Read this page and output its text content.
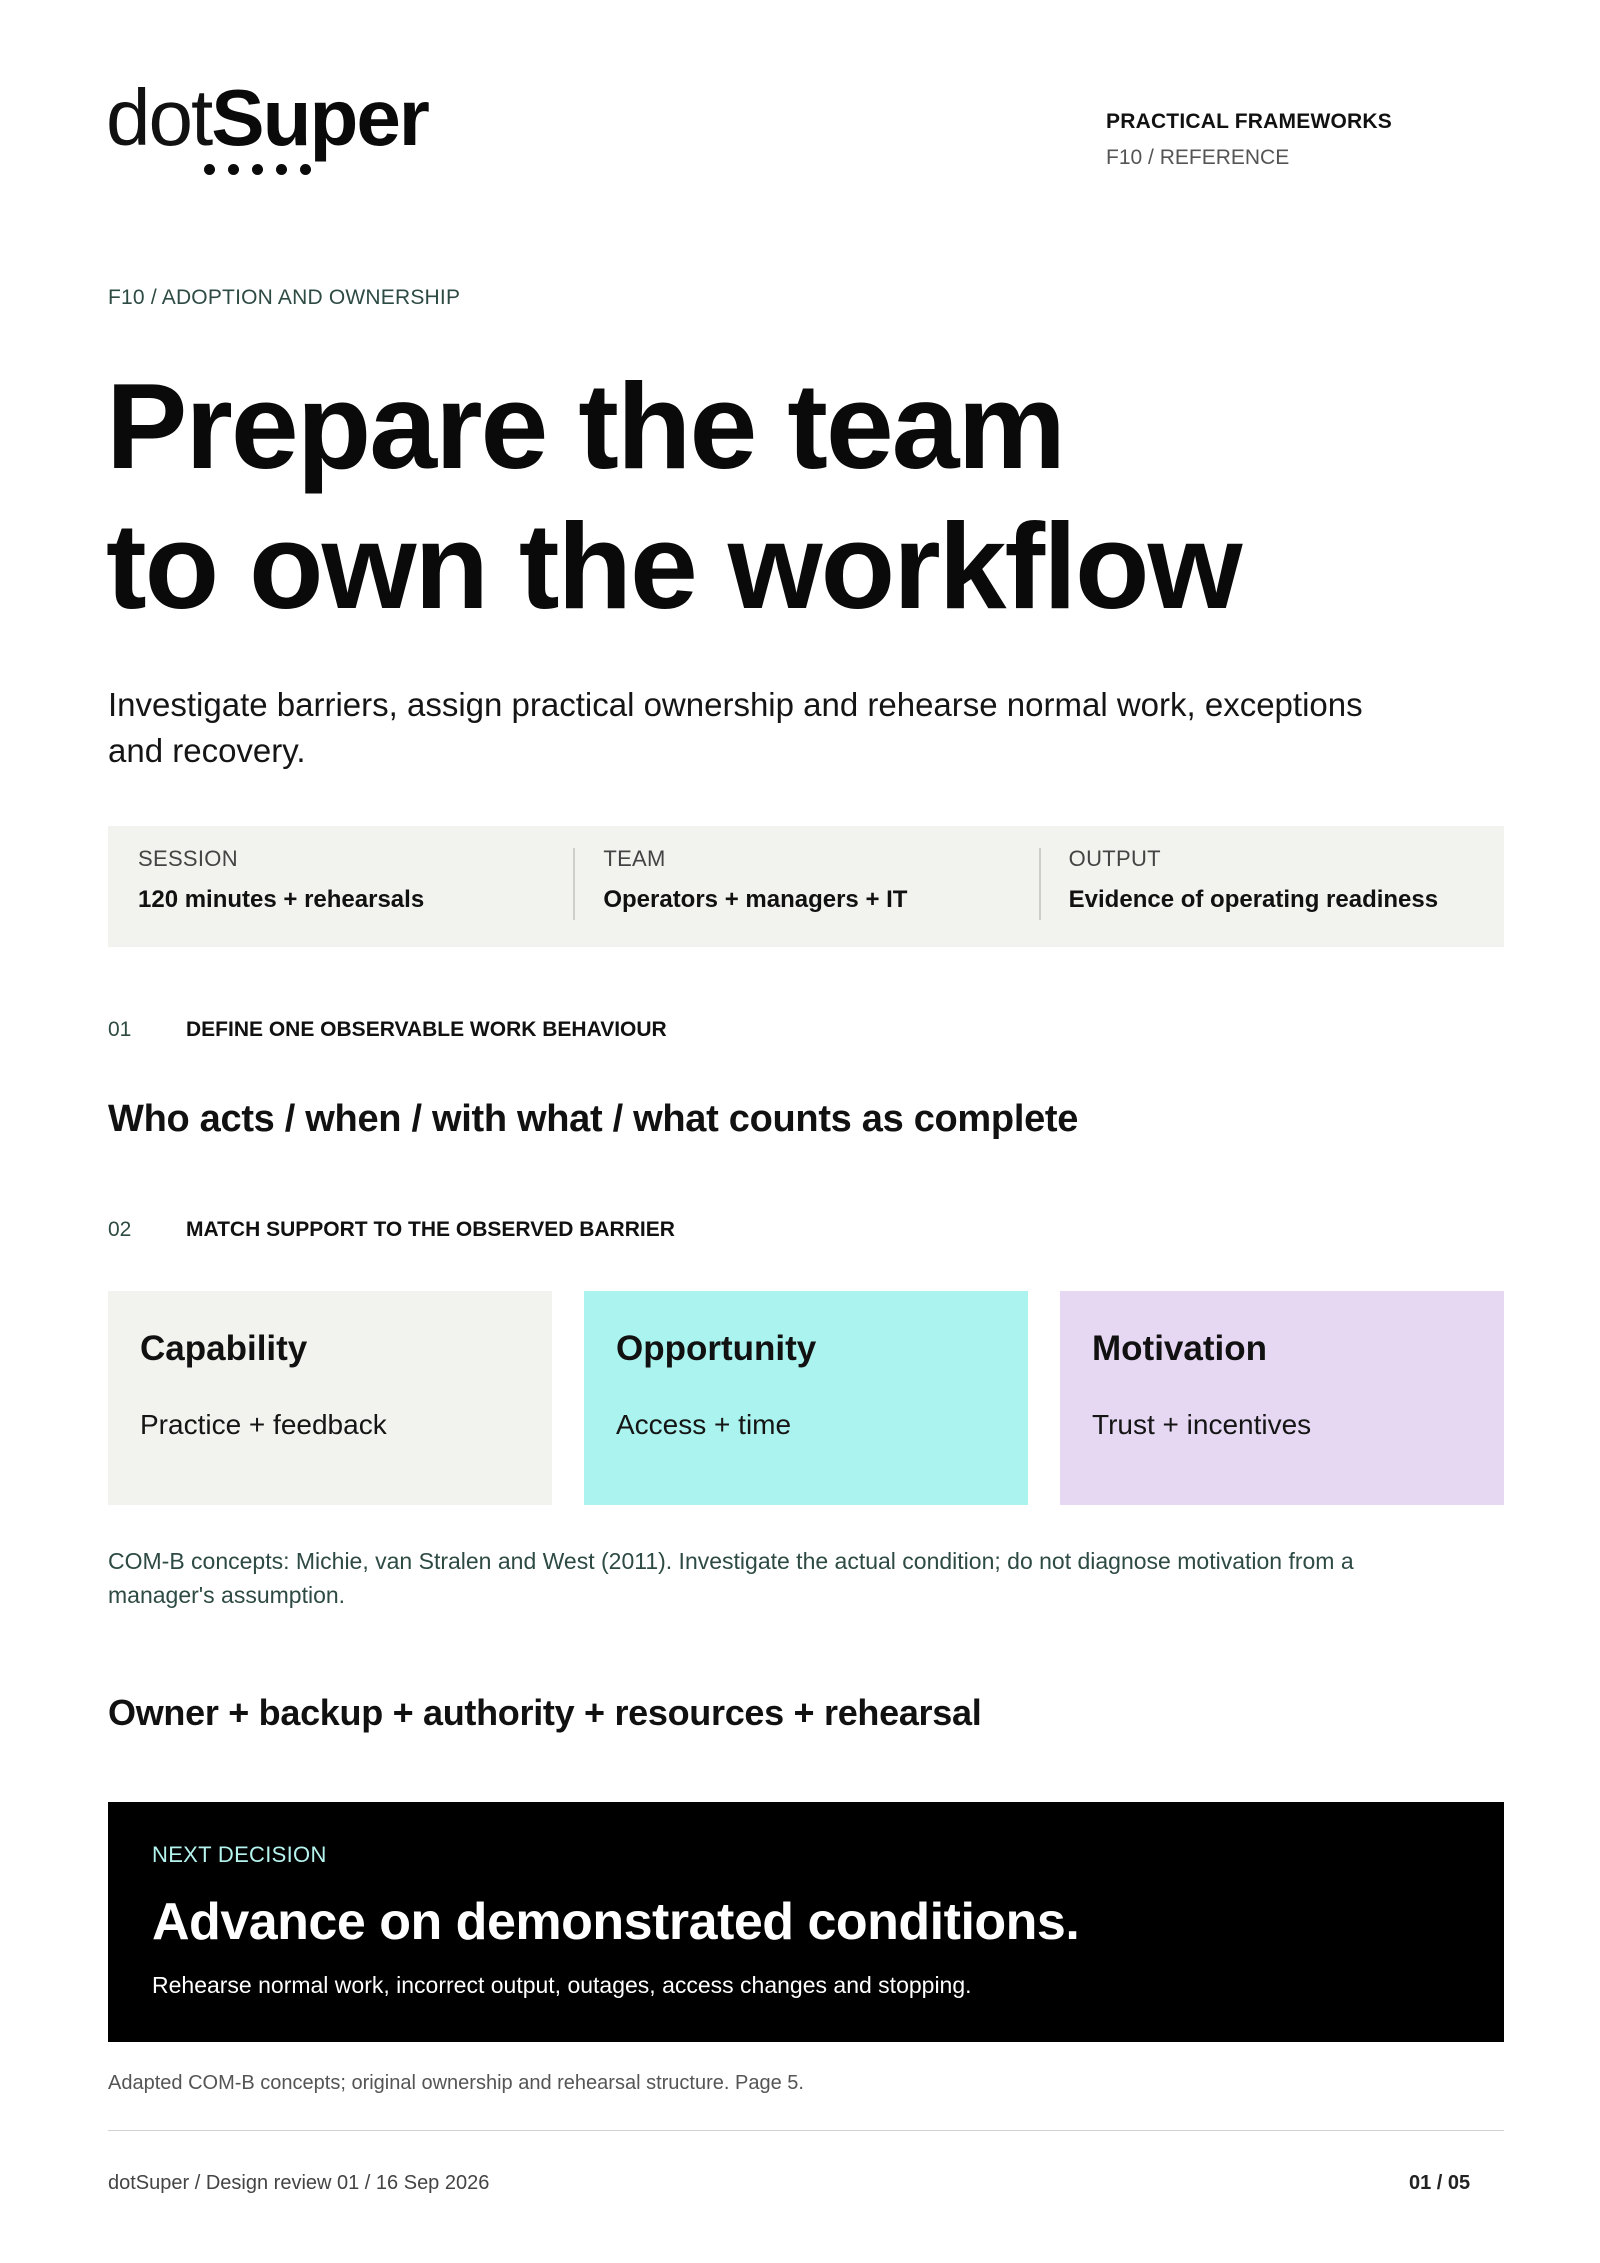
dotSuper	PRACTICAL FRAMEWORKS
F10 / REFERENCE
F10 / ADOPTION AND OWNERSHIP
Prepare the team
to own the workflow

Investigate barriers, assign practical ownership and rehearse normal work, exceptions and recovery.

SESSION
120 minutes + rehearsals
TEAM
Operators + managers + IT
OUTPUT
Evidence of operating readiness
01	DEFINE ONE OBSERVABLE WORK BEHAVIOUR
Who acts / when / with what / what counts as complete
02	MATCH SUPPORT TO THE OBSERVED BARRIER
Capability
Practice + feedback
Opportunity
Access + time
Motivation
Trust + incentives

COM-B concepts: Michie, van Stralen and West (2011). Investigate the actual condition; do not diagnose motivation from a manager's assumption.

Owner + backup + authority + resources + rehearsal
NEXT DECISION
Advance on demonstrated conditions.
Rehearse normal work, incorrect output, outages, access changes and stopping.
Adapted COM-B concepts; original ownership and rehearsal structure. Page 5.
dotSuper / Design review 01 / 16 Sep 2026	01 / 05
